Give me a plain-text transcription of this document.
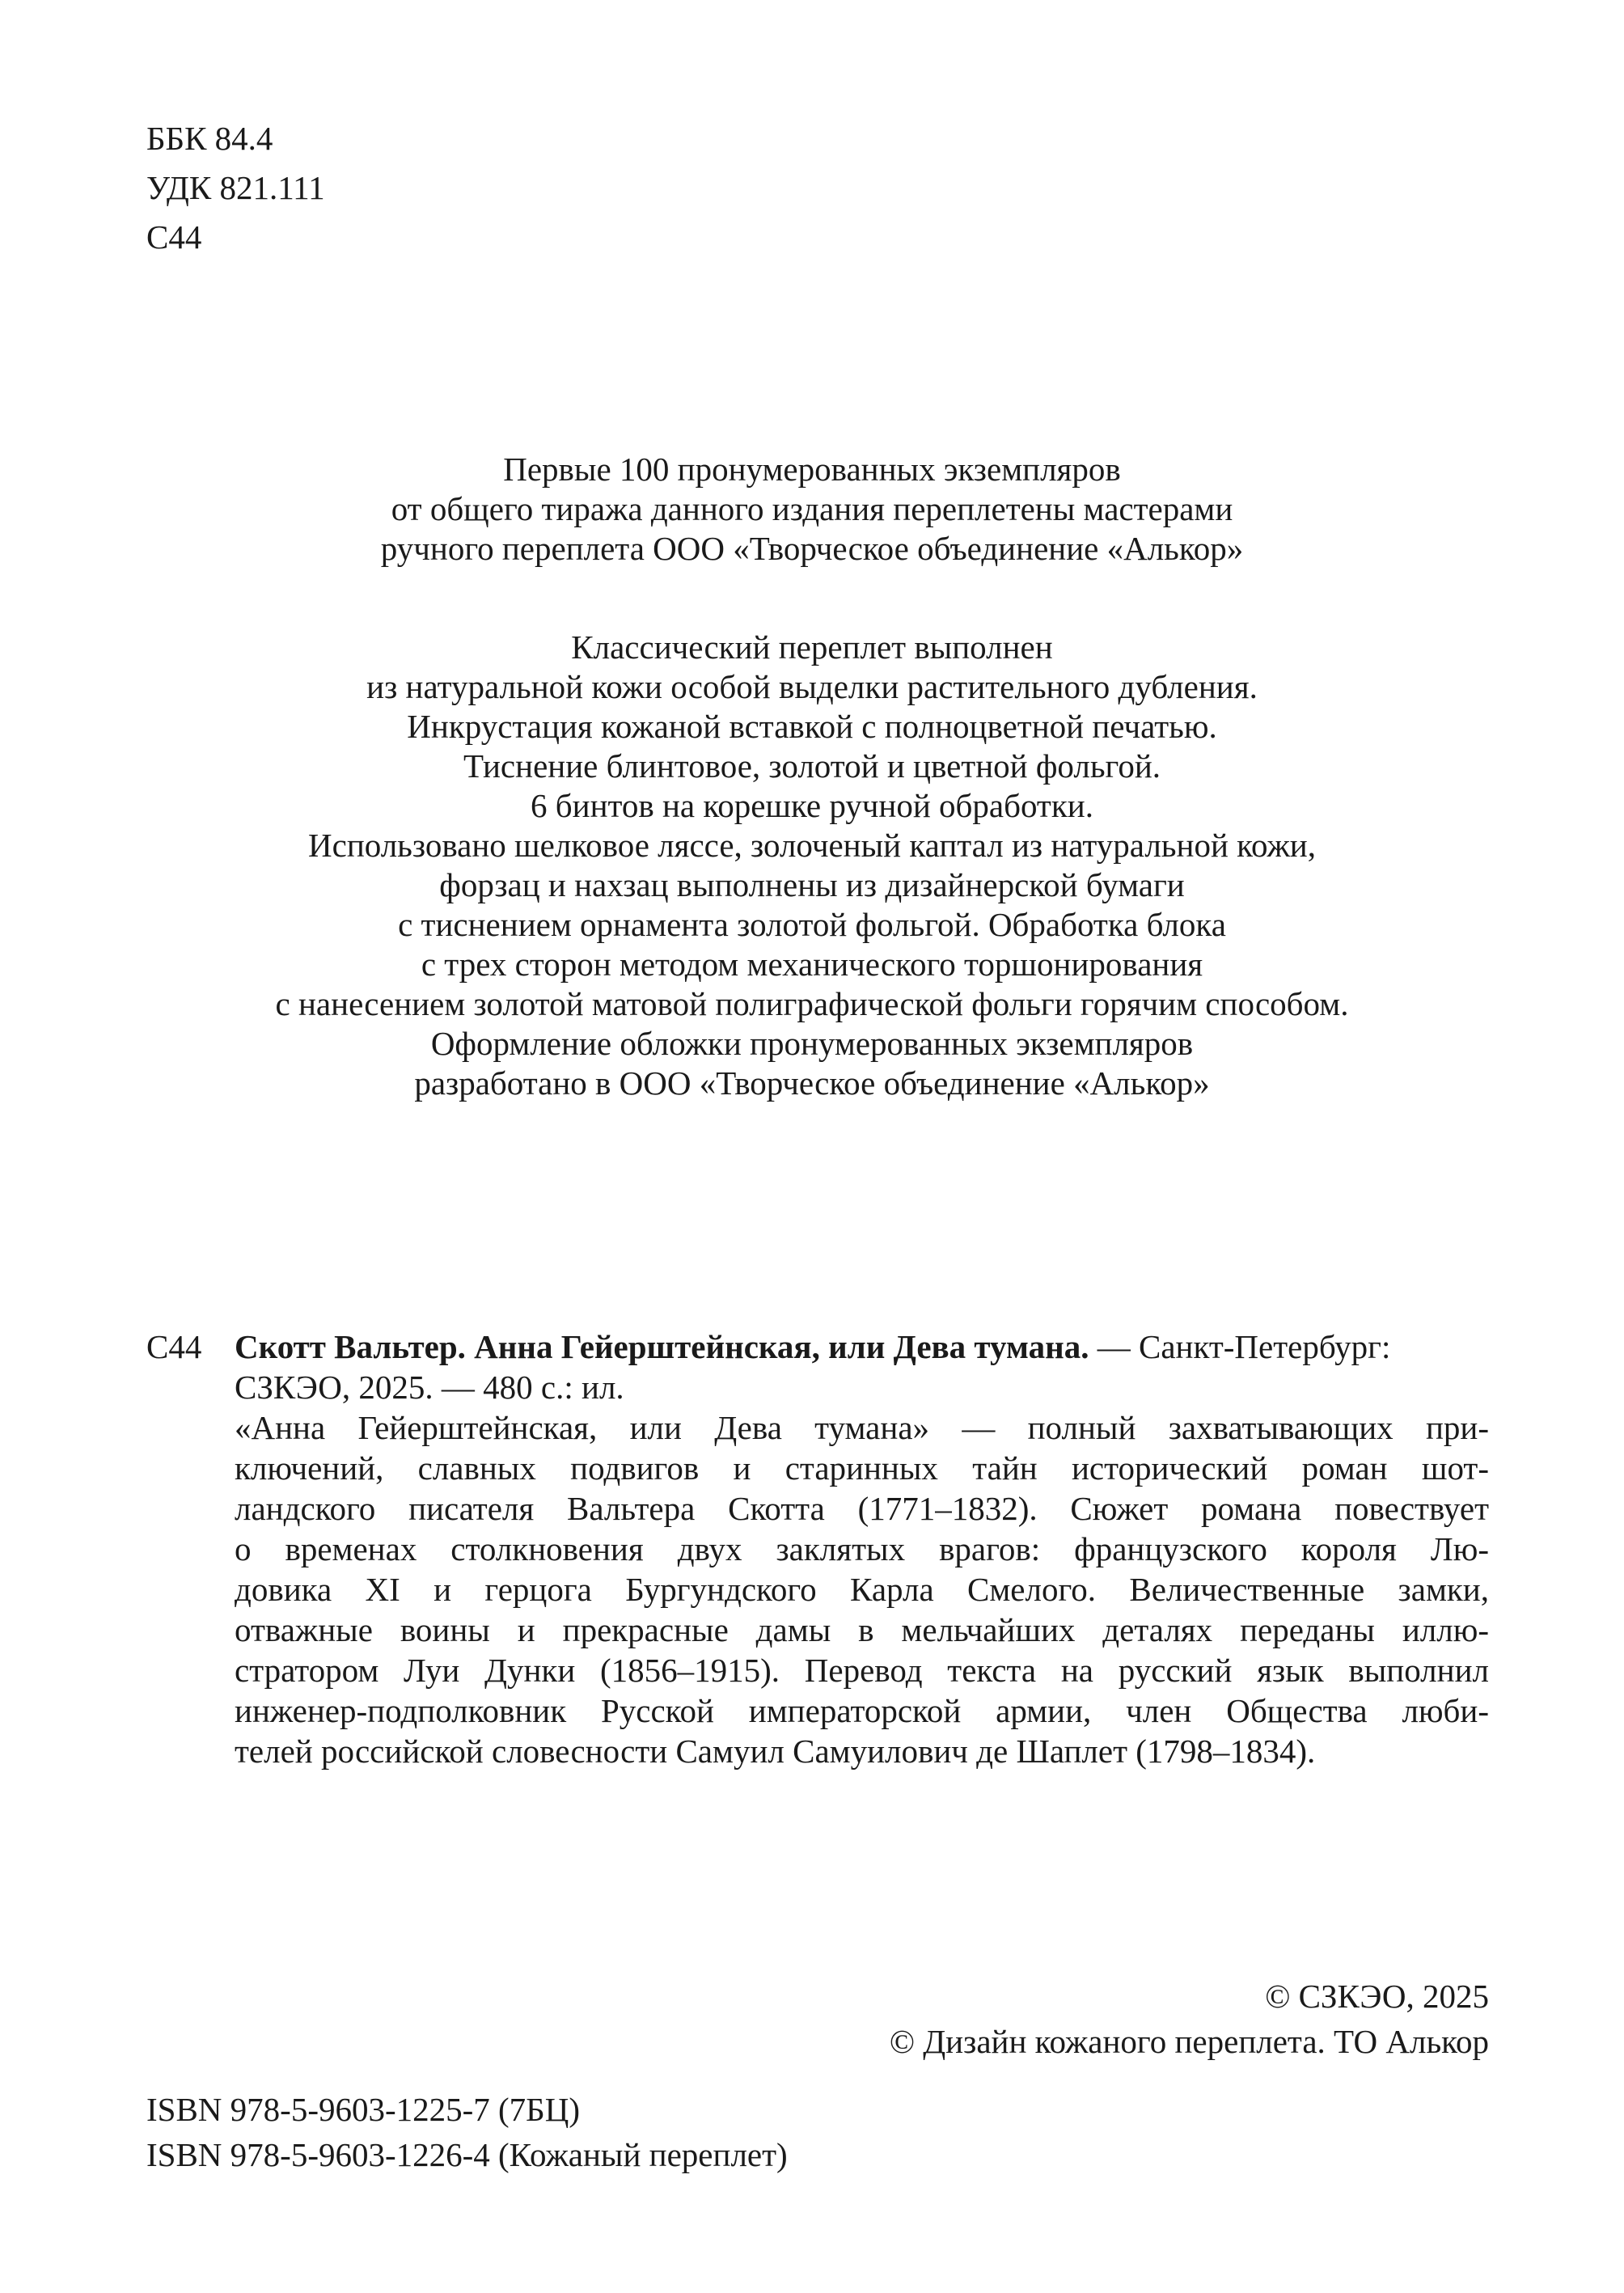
ББК 84.4
УДК 821.111
С44
Первые 100 пронумерованных экземпляров
от общего тиража данного издания переплетены мастерами
ручного переплета ООО «Творческое объединение «Алькор»
Классический переплет выполнен
из натуральной кожи особой выделки растительного дубления.
Инкрустация кожаной вставкой с полноцветной печатью.
Тиснение блинтовое, золотой и цветной фольгой.
6 бинтов на корешке ручной обработки.
Использовано шелковое ляссе, золоченый каптал из натуральной кожи,
форзац и нахзац выполнены из дизайнерской бумаги
с тиснением орнамента золотой фольгой. Обработка блока
с трех сторон методом механического торшонирования
с нанесением золотой матовой полиграфической фольги горячим способом.
Оформление обложки пронумерованных экземпляров
разработано в ООО «Творческое объединение «Алькор»
С44 Скотт Вальтер. Анна Гейерштейнская, или Дева тумана. — Санкт-Петербург:
СЗКЭО, 2025. — 480 с.: ил.
«Анна Гейерштейнская, или Дева тумана» — полный захватывающих при-
ключений, славных подвигов и старинных тайн исторический роман шот-
ландского писателя Вальтера Скотта (1771–1832). Сюжет романа повествует
о временах столкновения двух заклятых врагов: французского короля Лю-
довика XI и герцога Бургундского Карла Смелого. Величественные замки,
отважные воины и прекрасные дамы в мельчайших деталях переданы иллю-
стратором Луи Дунки (1856–1915). Перевод текста на русский язык выполнил
инженер-подполковник Русской императорской армии, член Общества люби-
телей российской словесности Самуил Самуилович де Шаплет (1798–1834).
© СЗКЭО, 2025
© Дизайн кожаного переплета. ТО Алькор
ISBN 978-5-9603-1225-7 (7БЦ)
ISBN 978-5-9603-1226-4 (Кожаный переплет)
